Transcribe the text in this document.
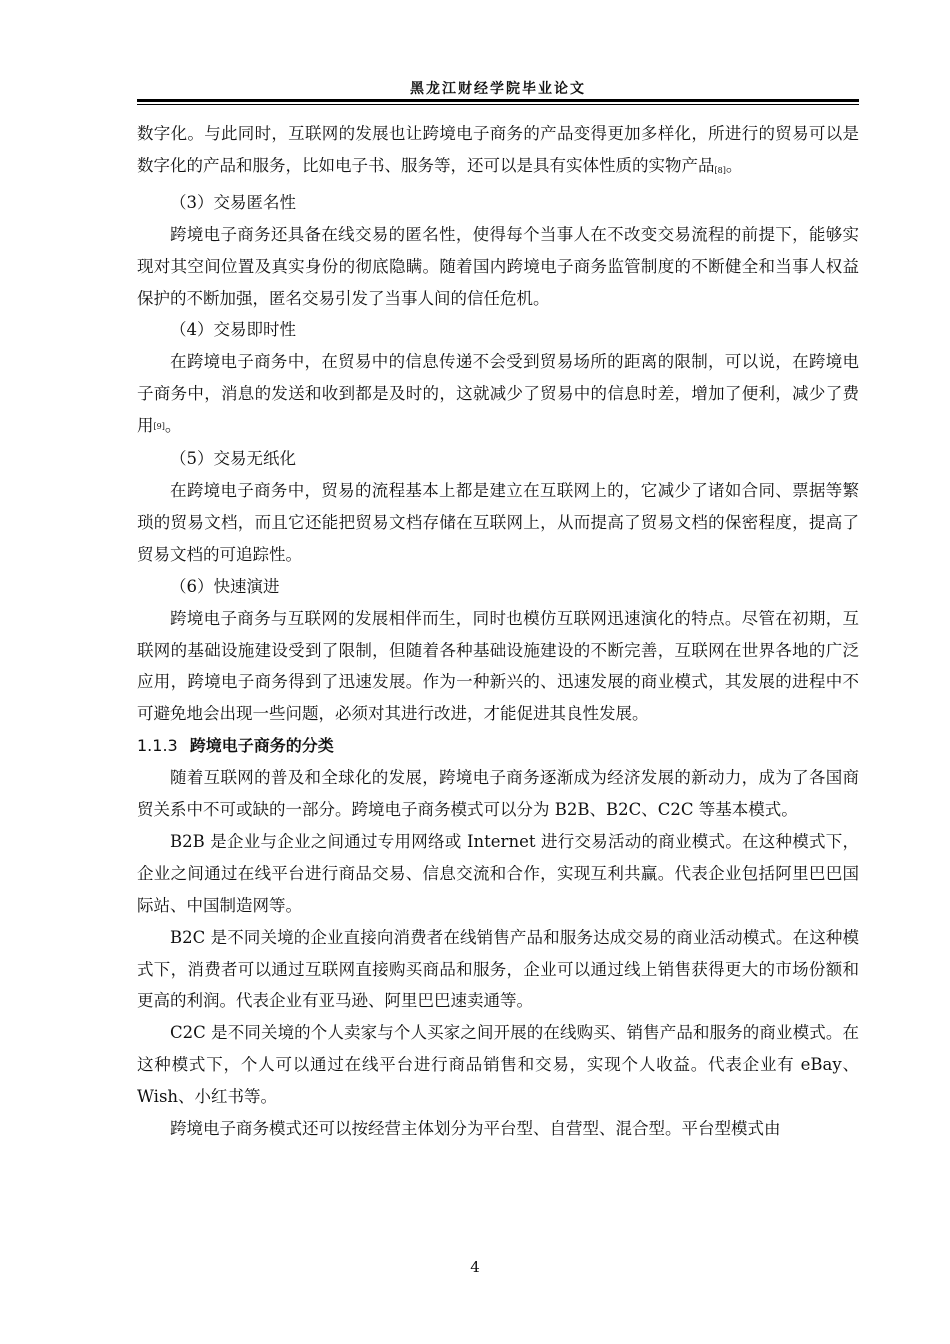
黑龙江财经学院毕业论文

数字化。与此同时，互联网的发展也让跨境电子商务的产品变得更加多样化，所进行的贸易可以是数字化的产品和服务，比如电子书、服务等，还可以是具有实体性质的实物产品[8]。

（3）交易匿名性

跨境电子商务还具备在线交易的匿名性，使得每个当事人在不改变交易流程的前提下，能够实现对其空间位置及真实身份的彻底隐瞒。随着国内跨境电子商务监管制度的不断健全和当事人权益保护的不断加强，匿名交易引发了当事人间的信任危机。

（4）交易即时性

在跨境电子商务中，在贸易中的信息传递不会受到贸易场所的距离的限制，可以说，在跨境电子商务中，消息的发送和收到都是及时的，这就减少了贸易中的信息时差，增加了便利，减少了费用[9]。

（5）交易无纸化

在跨境电子商务中，贸易的流程基本上都是建立在互联网上的，它减少了诸如合同、票据等繁琐的贸易文档，而且它还能把贸易文档存储在互联网上，从而提高了贸易文档的保密程度，提高了贸易文档的可追踪性。

（6）快速演进

跨境电子商务与互联网的发展相伴而生，同时也模仿互联网迅速演化的特点。尽管在初期，互联网的基础设施建设受到了限制，但随着各种基础设施建设的不断完善，互联网在世界各地的广泛应用，跨境电子商务得到了迅速发展。作为一种新兴的、迅速发展的商业模式，其发展的进程中不可避免地会出现一些问题，必须对其进行改进，才能促进其良性发展。

1.1.3 跨境电子商务的分类

随着互联网的普及和全球化的发展，跨境电子商务逐渐成为经济发展的新动力，成为了各国商贸关系中不可或缺的一部分。跨境电子商务模式可以分为 B2B、B2C、C2C 等基本模式。

B2B 是企业与企业之间通过专用网络或 Internet 进行交易活动的商业模式。在这种模式下，企业之间通过在线平台进行商品交易、信息交流和合作，实现互利共赢。代表企业包括阿里巴巴国际站、中国制造网等。

B2C 是不同关境的企业直接向消费者在线销售产品和服务达成交易的商业活动模式。在这种模式下，消费者可以通过互联网直接购买商品和服务，企业可以通过线上销售获得更大的市场份额和更高的利润。代表企业有亚马逊、阿里巴巴速卖通等。

C2C 是不同关境的个人卖家与个人买家之间开展的在线购买、销售产品和服务的商业模式。在这种模式下，个人可以通过在线平台进行商品销售和交易，实现个人收益。代表企业有 eBay、Wish、小红书等。

跨境电子商务模式还可以按经营主体划分为平台型、自营型、混合型。平台型模式由

4
